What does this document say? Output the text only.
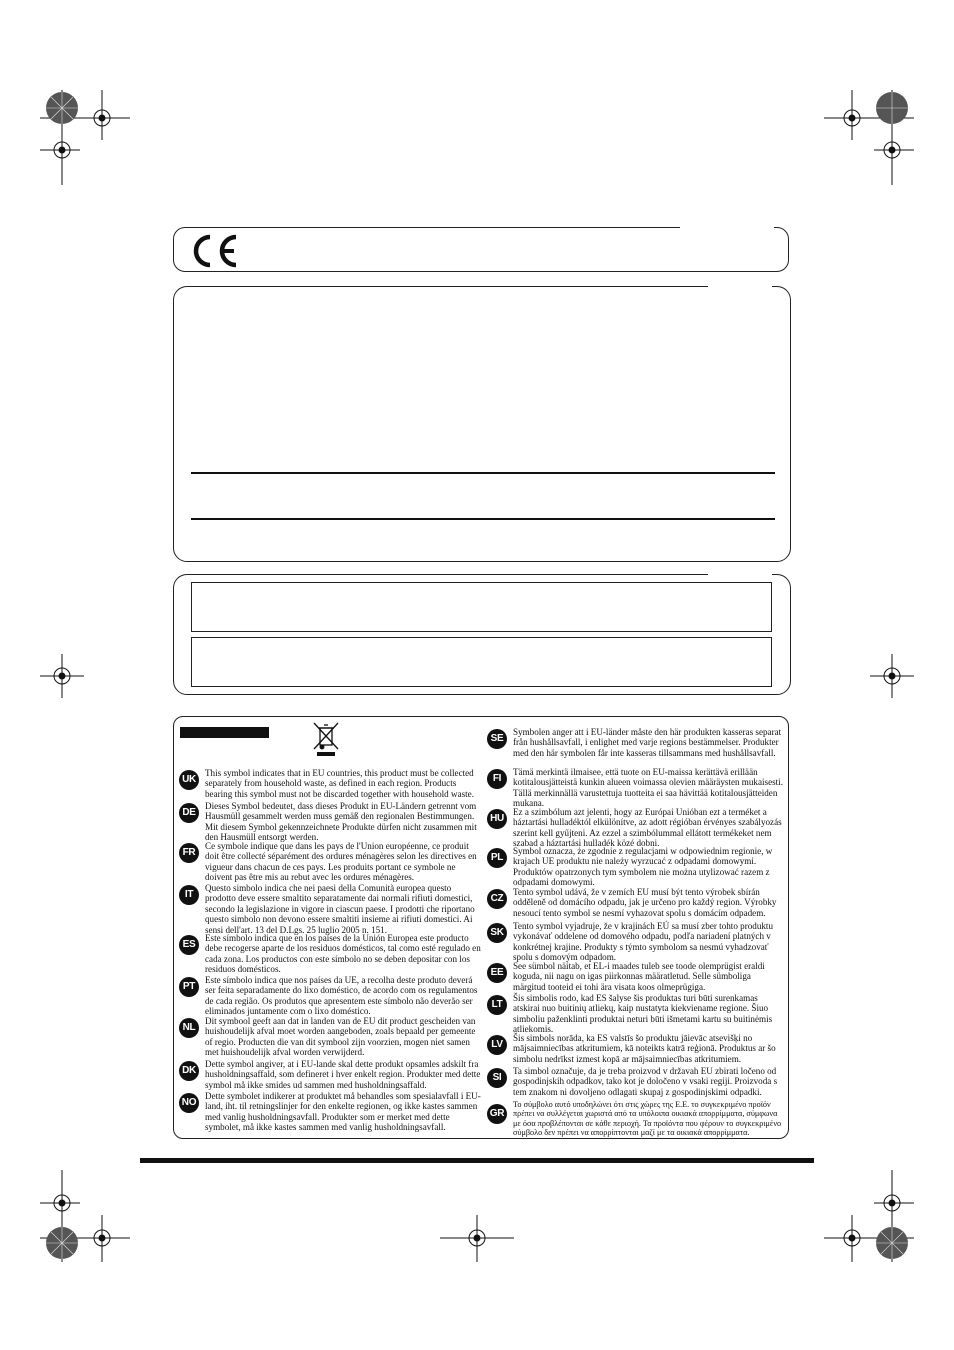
UK
This symbol indicates that in EU countries, this product must be collected separately from household waste, as defined in each region. Products bearing this symbol must not be discarded together with household waste.
DE
Dieses Symbol bedeutet, dass dieses Produkt in EU-Ländern getrennt vom Hausmüll gesammelt werden muss gemäß den regionalen Bestimmungen. Mit diesem Symbol gekennzeichnete Produkte dürfen nicht zusammen mit den Hausmüll entsorgt werden.
FR
Ce symbole indique que dans les pays de l'Union européenne, ce produit doit être collecté séparément des ordures ménagères selon les directives en vigueur dans chacun de ces pays. Les produits portant ce symbole ne doivent pas être mis au rebut avec les ordures ménagères.
IT
Questo simbolo indica che nei paesi della Comunità europea questo prodotto deve essere smaltito separatamente dai normali rifiuti domestici, secondo la legislazione in vigore in ciascun paese. I prodotti che riportano questo simbolo non devono essere smaltiti insieme ai rifiuti domestici. Ai sensi dell'art. 13 del D.Lgs. 25 luglio 2005 n. 151.
ES
Este símbolo indica que en los países de la Unión Europea este producto debe recogerse aparte de los residuos domésticos, tal como esté regulado en cada zona. Los productos con este símbolo no se deben depositar con los residuos domésticos.
PT
Este símbolo indica que nos países da UE, a recolha deste produto deverá ser feita separadamente do lixo doméstico, de acordo com os regulamentos de cada região. Os produtos que apresentem este símbolo não deverão ser eliminados juntamente com o lixo doméstico.
NL
Dit symbool geeft aan dat in landen van de EU dit product gescheiden van huishoudelijk afval moet worden aangeboden, zoals bepaald per gemeente of regio. Producten die van dit symbool zijn voorzien, mogen niet samen met huishoudelijk afval worden verwijderd.
DK
Dette symbol angiver, at i EU-lande skal dette produkt opsamles adskilt fra husholdningsaffald, som defineret i hver enkelt region. Produkter med dette symbol må ikke smides ud sammen med husholdningsaffald.
NO
Dette symbolet indikerer at produktet må behandles som spesialavfall i EU-land, iht. til retningslinjer for den enkelte regionen, og ikke kastes sammen med vanlig husholdningsavfall. Produkter som er merket med dette symbolet, må ikke kastes sammen med vanlig husholdningsavfall.
SE
Symbolen anger att i EU-länder måste den här produkten kasseras separat från hushållsavfall, i enlighet med varje regions bestämmelser. Produkter med den här symbolen får inte kasseras tillsammans med hushållsavfall.
FI
Tämä merkintä ilmaisee, että tuote on EU-maissa kerättävä erillään kotitalousjätteistä kunkin alueen voimassa olevien määräysten mukaisesti. Tällä merkinnällä varustettuja tuotteita ei saa hävittää kotitalousjätteiden mukana.
HU
Ez a szimbólum azt jelenti, hogy az Európai Unióban ezt a terméket a háztartási hulladéktól elkülönítve, az adott régióban érvényes szabályozás szerint kell gyűjteni. Az ezzel a szimbólummal ellátott termékeket nem szabad a háztartási hulladék közé dobni.
PL
Symbol oznacza, że zgodnie z regulacjami w odpowiednim regionie, w krajach UE produktu nie należy wyrzucać z odpadami domowymi. Produktów opatrzonych tym symbolem nie można utylizować razem z odpadami domowymi.
CZ
Tento symbol udává, že v zemích EU musí být tento výrobek sbírán odděleně od domácího odpadu, jak je určeno pro každý region. Výrobky nesoucí tento symbol se nesmí vyhazovat spolu s domácím odpadem.
SK
Tento symbol vyjadruje, že v krajinách EÚ sa musí zber tohto produktu vykonávať oddelene od domového odpadu, podľa nariadení platných v konkrétnej krajine. Produkty s týmto symbolom sa nesmú vyhadzovať spolu s domovým odpadom.
EE
See sümbol näitab, et EL-i maades tuleb see toode olemprügist eraldi koguda, nii nagu on igas piirkonnas määratletud. Selle sümboliga märgitud tooteid ei tohi ära visata koos olmeprügiga.
LT
Šis simbolis rodo, kad ES šalyse šis produktas turi būti surenkamas atskirai nuo buitinių atliekų, kaip nustatyta kiekviename regione. Šiuo simboliu paženklinti produktai neturi būti išmetami kartu su buitinėmis atliekomis.
LV
Šis simbols norāda, ka ES valstīs šo produktu jāievāc atsevišķi no mājsaimniecības atkritumiem, kā noteikts katrā reģionā. Produktus ar šo simbolu nedrīkst izmest kopā ar mājsaimniecības atkritumiem.
SI
Ta simbol označuje, da je treba proizvod v državah EU zbirati ločeno od gospodinjskih odpadkov, tako kot je določeno v vsaki regiji. Proizvoda s tem znakom ni dovoljeno odlagati skupaj z gospodinjskimi odpadki.
GR
Το σύμβολο αυτό υποδηλώνει ότι στις χώρες της Ε.Ε. το συγκεκριμένο προϊόν πρέπει να συλλέγεται χωριστά από τα υπόλοιπα οικιακά απορρίμματα, σύμφωνα με όσα προβλέπονται σε κάθε περιοχή. Τα προϊόντα που φέρουν το συγκεκριμένο σύμβολο δεν πρέπει να απορρίπτονται μαζί με τα οικιακά απορρίμματα.
